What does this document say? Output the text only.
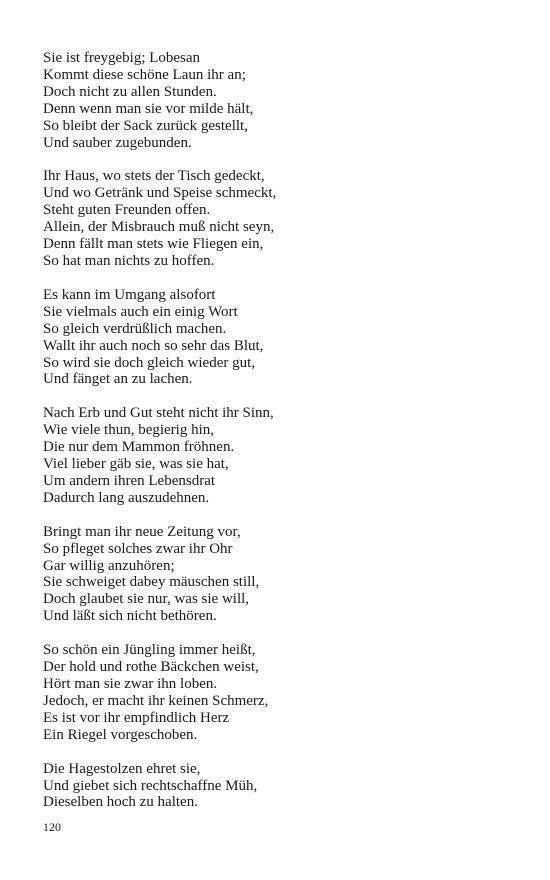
Sie ist freygebig; Lobesan
Kommt diese schöne Laun ihr an;
Doch nicht zu allen Stunden.
Denn wenn man sie vor milde hält,
So bleibt der Sack zurück gestellt,
Und sauber zugebunden.
Ihr Haus, wo stets der Tisch gedeckt,
Und wo Getränk und Speise schmeckt,
Steht guten Freunden offen.
Allein, der Misbrauch muß nicht seyn,
Denn fällt man stets wie Fliegen ein,
So hat man nichts zu hoffen.
Es kann im Umgang alsofort
Sie vielmals auch ein einig Wort
So gleich verdrüßlich machen.
Wallt ihr auch noch so sehr das Blut,
So wird sie doch gleich wieder gut,
Und fänget an zu lachen.
Nach Erb und Gut steht nicht ihr Sinn,
Wie viele thun, begierig hin,
Die nur dem Mammon fröhnen.
Viel lieber gäb sie, was sie hat,
Um andern ihren Lebensdrat
Dadurch lang auszudehnen.
Bringt man ihr neue Zeitung vor,
So pfleget solches zwar ihr Ohr
Gar willig anzuhören;
Sie schweiget dabey mäuschen still,
Doch glaubet sie nur, was sie will,
Und läßt sich nicht bethören.
So schön ein Jüngling immer heißt,
Der hold und rothe Bäckchen weist,
Hört man sie zwar ihn loben.
Jedoch, er macht ihr keinen Schmerz,
Es ist vor ihr empfindlich Herz
Ein Riegel vorgeschoben.
Die Hagestolzen ehret sie,
Und giebet sich rechtschaffne Müh,
Dieselben hoch zu halten.
120
